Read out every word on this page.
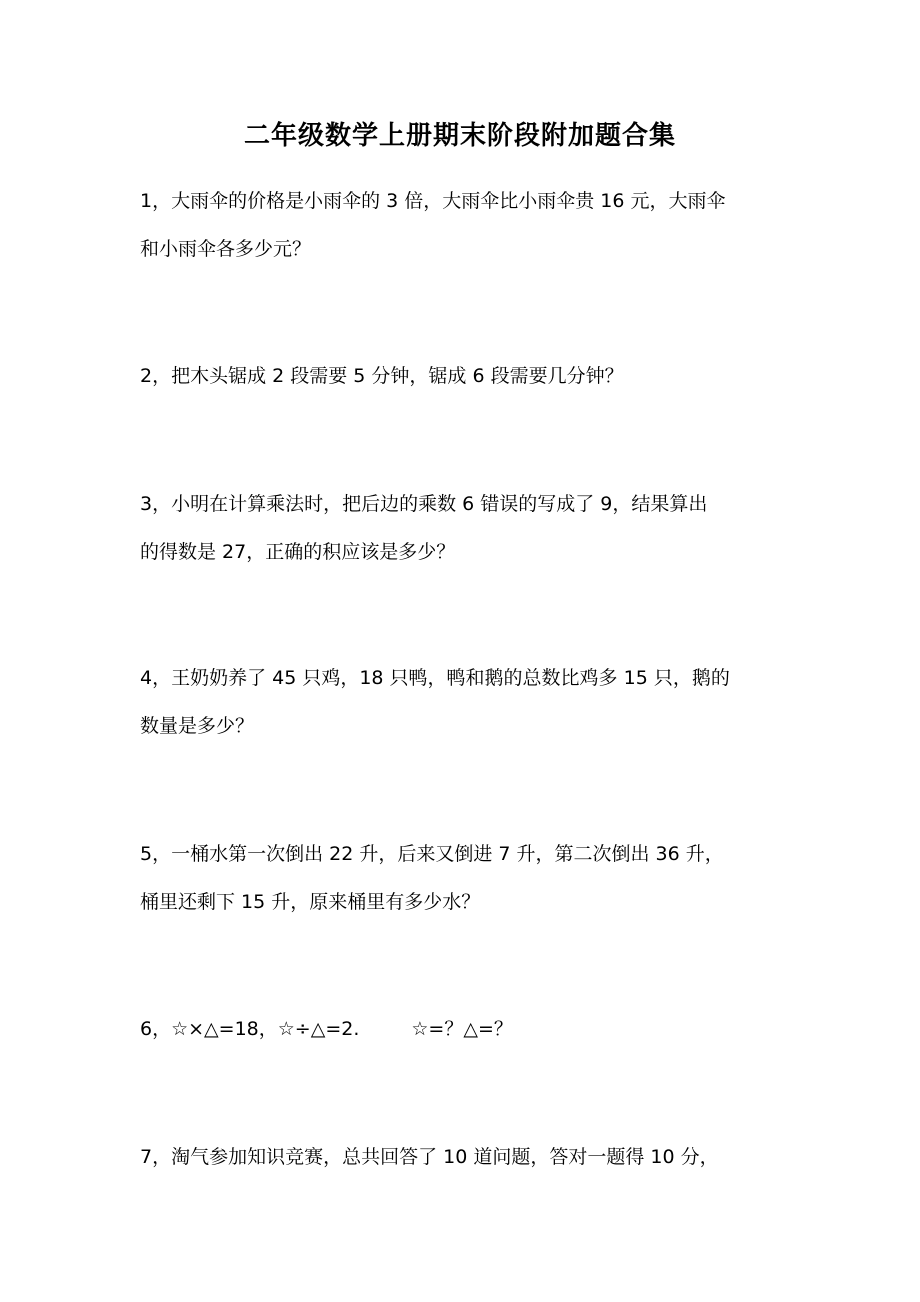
二年级数学上册期末阶段附加题合集
1，大雨伞的价格是小雨伞的 3 倍，大雨伞比小雨伞贵 16 元，大雨伞
和小雨伞各多少元？
2，把木头锯成 2 段需要 5 分钟，锯成 6 段需要几分钟？
3，小明在计算乘法时，把后边的乘数 6 错误的写成了 9，结果算出
的得数是 27，正确的积应该是多少？
4，王奶奶养了 45 只鸡，18 只鸭，鸭和鹅的总数比鸡多 15 只，鹅的
数量是多少？
5，一桶水第一次倒出 22 升，后来又倒进 7 升，第二次倒出 36 升，
桶里还剩下 15 升，原来桶里有多少水？
6，☆×△=18，☆÷△=2.	☆=？△=？
7，淘气参加知识竞赛，总共回答了 10 道问题，答对一题得 10 分，
